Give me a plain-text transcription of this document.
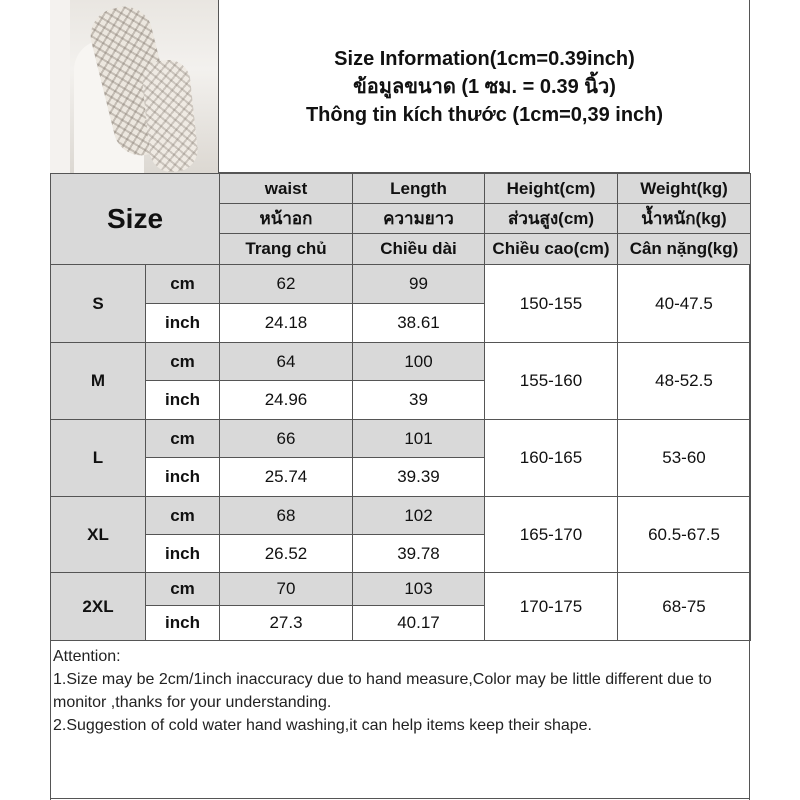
Size Information(1cm=0.39inch)
ข้อมูลขนาด (1 ซม. = 0.39 นิ้ว)
Thông tin kích thước (1cm=0,39 inch)
Size		waist	Length	Height(cm)	Weight(kg)
		หน้าอก	ความยาว	ส่วนสูง(cm)	น้ำหนัก(kg)
		Trang chủ	Chiều dài	Chiều cao(cm)	Cân nặng(kg)
S	cm	62	99	150-155	40-47.5
	inch	24.18	38.61		
M	cm	64	100	155-160	48-52.5
	inch	24.96	39		
L	cm	66	101	160-165	53-60
	inch	25.74	39.39		
XL	cm	68	102	165-170	60.5-67.5
	inch	26.52	39.78		
2XL	cm	70	103	170-175	68-75
	inch	27.3	40.17		
Attention:
1.Size may be 2cm/1inch inaccuracy due to hand measure,Color may be little different due to monitor ,thanks for your understanding.
2.Suggestion of cold water hand washing,it can help items keep their shape.
